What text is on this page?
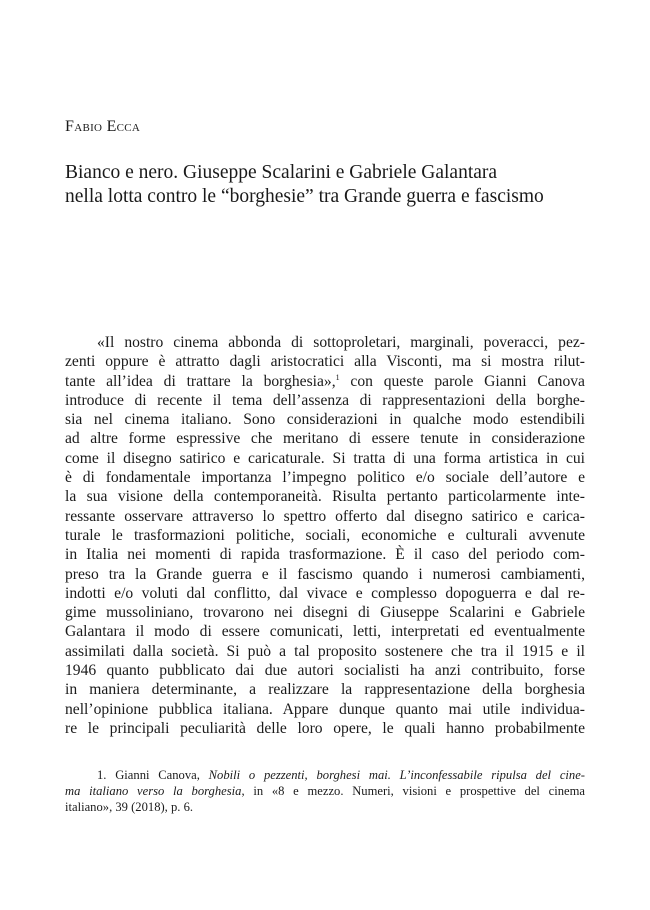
Fabio Ecca
Bianco e nero. Giuseppe Scalarini e Gabriele Galantara
nella lotta contro le “borghesie” tra Grande guerra e fascismo
«Il nostro cinema abbonda di sottoproletari, marginali, poveracci, pez-
zenti oppure è attratto dagli aristocratici alla Visconti, ma si mostra rilut-
tante all’idea di trattare la borghesia»,$^1$ con queste parole Gianni Canova
introduce di recente il tema dell’assenza di rappresentazioni della borghe-
sia nel cinema italiano. Sono considerazioni in qualche modo estendibili
ad altre forme espressive che meritano di essere tenute in considerazione
come il disegno satirico e caricaturale. Si tratta di una forma artistica in cui
è di fondamentale importanza l’impegno politico e/o sociale dell’autore e
la sua visione della contemporaneità. Risulta pertanto particolarmente inte-
ressante osservare attraverso lo spettro offerto dal disegno satirico e carica-
turale le trasformazioni politiche, sociali, economiche e culturali avvenute
in Italia nei momenti di rapida trasformazione. È il caso del periodo com-
preso tra la Grande guerra e il fascismo quando i numerosi cambiamenti,
indotti e/o voluti dal conflitto, dal vivace e complesso dopoguerra e dal re-
gime mussoliniano, trovarono nei disegni di Giuseppe Scalarini e Gabriele
Galantara il modo di essere comunicati, letti, interpretati ed eventualmente
assimilati dalla società. Si può a tal proposito sostenere che tra il 1915 e il
1946 quanto pubblicato dai due autori socialisti ha anzi contribuito, forse
in maniera determinante, a realizzare la rappresentazione della borghesia
nell’opinione pubblica italiana. Appare dunque quanto mai utile individua-
re le principali peculiarità delle loro opere, le quali hanno probabilmente
1. Gianni Canova, Nobili o pezzenti, borghesi mai. L’inconfessabile ripulsa del cine-
ma italiano verso la borghesia, in «8 e mezzo. Numeri, visioni e prospettive del cinema
italiano», 39 (2018), p. 6.
